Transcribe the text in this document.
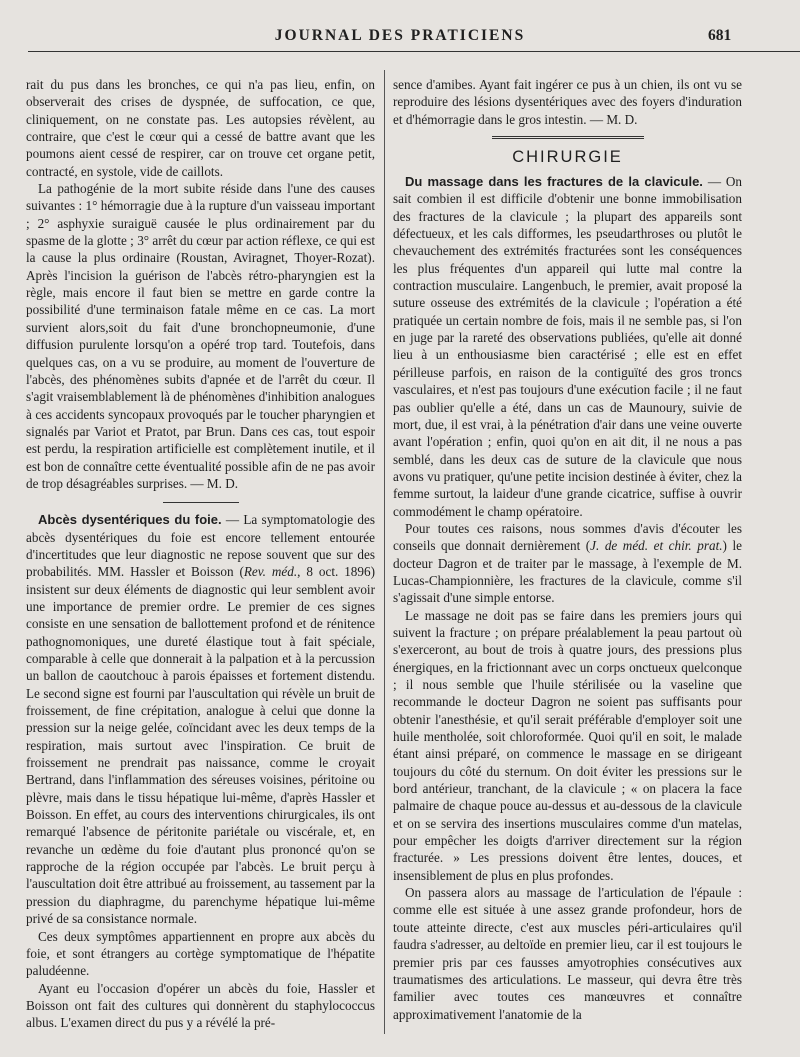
JOURNAL DES PRATICIENS	681

rait du pus dans les bronches, ce qui n'a pas lieu, enfin, on observerait des crises de dyspnée, de suffocation, ce que, cliniquement, on ne constate pas. Les autopsies révèlent, au contraire, que c'est le cœur qui a cessé de battre avant que les poumons aient cessé de respirer, car on trouve cet organe petit, contracté, en systole, vide de caillots.

La pathogénie de la mort subite réside dans l'une des causes suivantes : 1° hémorragie due à la rupture d'un vaisseau important ; 2° asphyxie suraiguë causée le plus ordinairement par du spasme de la glotte ; 3° arrêt du cœur par action réflexe, ce qui est la cause la plus ordinaire (Roustan, Aviragnet, Thoyer-Rozat). Après l'incision la guérison de l'abcès rétro-pharyngien est la règle, mais encore il faut bien se mettre en garde contre la possibilité d'une terminaison fatale même en ce cas. La mort survient alors,soit du fait d'une bronchopneumonie, d'une diffusion purulente lorsqu'on a opéré trop tard. Toutefois, dans quelques cas, on a vu se produire, au moment de l'ouverture de l'abcès, des phénomènes subits d'apnée et de l'arrêt du cœur. Il s'agit vraisemblablement là de phénomènes d'inhibition analogues à ces accidents syncopaux provoqués par le toucher pharyngien et signalés par Variot et Pratot, par Brun. Dans ces cas, tout espoir est perdu, la respiration artificielle est complètement inutile, et il est bon de connaître cette éventualité possible afin de ne pas avoir de trop désagréables surprises. — M. D.

Abcès dysentériques du foie. — La symptomatologie des abcès dysentériques du foie est encore tellement entourée d'incertitudes que leur diagnostic ne repose souvent que sur des probabilités. MM. Hassler et Boisson (Rev. méd., 8 oct. 1896) insistent sur deux éléments de diagnostic qui leur semblent avoir une importance de premier ordre. Le premier de ces signes consiste en une sensation de ballottement profond et de rénitence pathognomoniques, une dureté élastique tout à fait spéciale, comparable à celle que donnerait à la palpation et à la percussion un ballon de caoutchouc à parois épaisses et fortement distendu. Le second signe est fourni par l'auscultation qui révèle un bruit de froissement, de fine crépitation, analogue à celui que donne la pression sur la neige gelée, coïncidant avec les deux temps de la respiration, mais surtout avec l'inspiration. Ce bruit de froissement ne prendrait pas naissance, comme le croyait Bertrand, dans l'inflammation des séreuses voisines, péritoine ou plèvre, mais dans le tissu hépatique lui-même, d'après Hassler et Boisson. En effet, au cours des interventions chirurgicales, ils ont remarqué l'absence de péritonite pariétale ou viscérale, et, en revanche un œdème du foie d'autant plus prononcé qu'on se rapproche de la région occupée par l'abcès. Le bruit perçu à l'auscultation doit être attribué au froissement, au tassement par la pression du diaphragme, du parenchyme hépatique lui-même privé de sa consistance normale.

Ces deux symptômes appartiennent en propre aux abcès du foie, et sont étrangers au cortège symptomatique de l'hépatite paludéenne.

Ayant eu l'occasion d'opérer un abcès du foie, Hassler et Boisson ont fait des cultures qui donnèrent du staphylococcus albus. L'examen direct du pus y a révélé la pré-

sence d'amibes. Ayant fait ingérer ce pus à un chien, ils ont vu se reproduire des lésions dysentériques avec des foyers d'induration et d'hémorragie dans le gros intestin. — M. D.

CHIRURGIE

Du massage dans les fractures de la clavicule. — On sait combien il est difficile d'obtenir une bonne immobilisation des fractures de la clavicule ; la plupart des appareils sont défectueux, et les cals difformes, les pseudarthroses ou plutôt le chevauchement des extrémités fracturées sont les conséquences les plus fréquentes d'un appareil qui lutte mal contre la contraction musculaire. Langenbuch, le premier, avait proposé la suture osseuse des extrémités de la clavicule ; l'opération a été pratiquée un certain nombre de fois, mais il ne semble pas, si l'on en juge par la rareté des observations publiées, qu'elle ait donné lieu à un enthousiasme bien caractérisé ; elle est en effet périlleuse parfois, en raison de la contiguïté des gros troncs vasculaires, et n'est pas toujours d'une exécution facile ; il ne faut pas oublier qu'elle a été, dans un cas de Maunoury, suivie de mort, due, il est vrai, à la pénétration d'air dans une veine ouverte avant l'opération ; enfin, quoi qu'on en ait dit, il ne nous a pas semblé, dans les deux cas de suture de la clavicule que nous avons vu pratiquer, qu'une petite incision destinée à éviter, chez la femme surtout, la laideur d'une grande cicatrice, suffise à ouvrir commodément le champ opératoire.

Pour toutes ces raisons, nous sommes d'avis d'écouter les conseils que donnait dernièrement (J. de méd. et chir. prat.) le docteur Dagron et de traiter par le massage, à l'exemple de M. Lucas-Championnière, les fractures de la clavicule, comme s'il s'agissait d'une simple entorse.

Le massage ne doit pas se faire dans les premiers jours qui suivent la fracture ; on prépare préalablement la peau partout où s'exerceront, au bout de trois à quatre jours, des pressions plus énergiques, en la frictionnant avec un corps onctueux quelconque ; il nous semble que l'huile stérilisée ou la vaseline que recommande le docteur Dagron ne soient pas suffisants pour obtenir l'anesthésie, et qu'il serait préférable d'employer soit une huile mentholée, soit chloroformée. Quoi qu'il en soit, le malade étant ainsi préparé, on commence le massage en se dirigeant toujours du côté du sternum. On doit éviter les pressions sur le bord antérieur, tranchant, de la clavicule ; « on placera la face palmaire de chaque pouce au-dessus et au-dessous de la clavicule et on se servira des insertions musculaires comme d'un matelas, pour empêcher les doigts d'arriver directement sur la région fracturée. » Les pressions doivent être lentes, douces, et insensiblement de plus en plus profondes.

On passera alors au massage de l'articulation de l'épaule : comme elle est située à une assez grande profondeur, hors de toute atteinte directe, c'est aux muscles péri-articulaires qu'il faudra s'adresser, au deltoïde en premier lieu, car il est toujours le premier pris par ces fausses amyotrophies consécutives aux traumatismes des articulations. Le masseur, qui devra être très familier avec toutes ces manœuvres et connaître approximativement l'anatomie de la
